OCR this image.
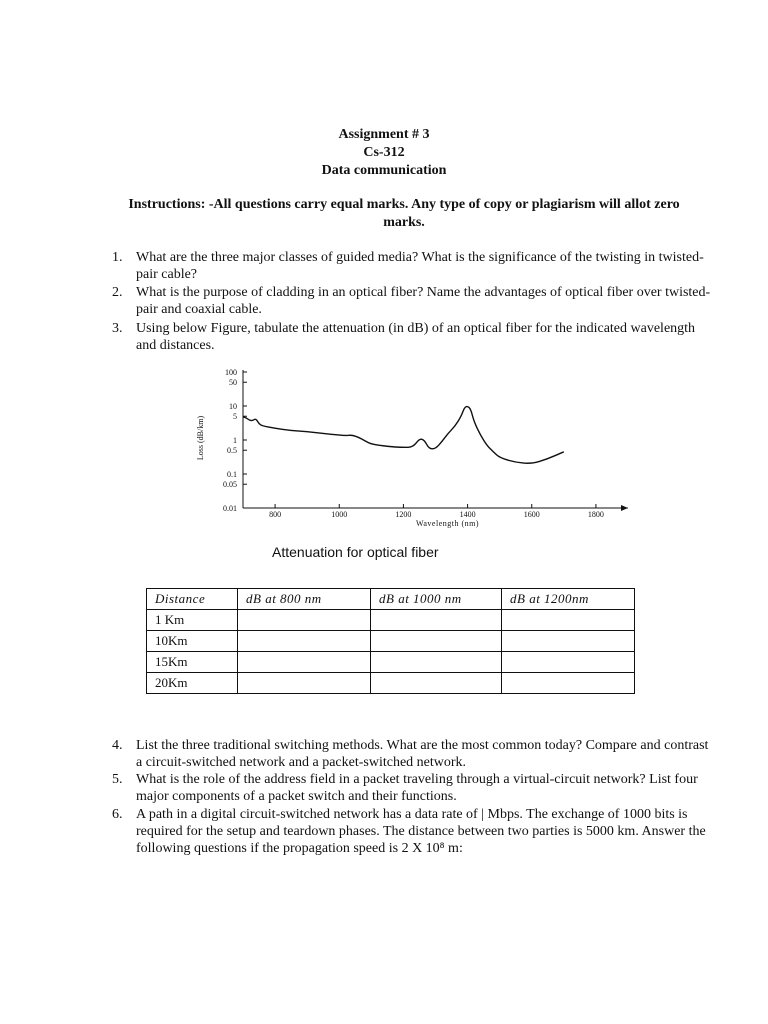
Assignment # 3
Cs-312
Data communication
Instructions: -All questions carry equal marks. Any type of copy or plagiarism will allot zero marks.
1. What are the three major classes of guided media? What is the significance of the twisting in twisted-pair cable?
2. What is the purpose of cladding in an optical fiber? Name the advantages of optical fiber over twisted-pair and coaxial cable.
3. Using below Figure, tabulate the attenuation (in dB) of an optical fiber for the indicated wavelength and distances.
800	1000	1200	1400	1600	1800
100
50
10
5
1
0.5
0.1
0.05
0.01
Wavelength (nm)
Loss (dB/km)
Attenuation for optical fiber
Distance	dB at 800 nm	dB at 1000 nm	dB at 1200nm
1 Km			
10Km			
15Km			
20Km			
4. List the three traditional switching methods. What are the most common today? Compare and contrast a circuit-switched network and a packet-switched network.
5. What is the role of the address field in a packet traveling through a virtual-circuit network? List four major components of a packet switch and their functions.
6. A path in a digital circuit-switched network has a data rate of | Mbps. The exchange of 1000 bits is required for the setup and teardown phases. The distance between two parties is 5000 km. Answer the following questions if the propagation speed is 2 X 10⁸ m:
